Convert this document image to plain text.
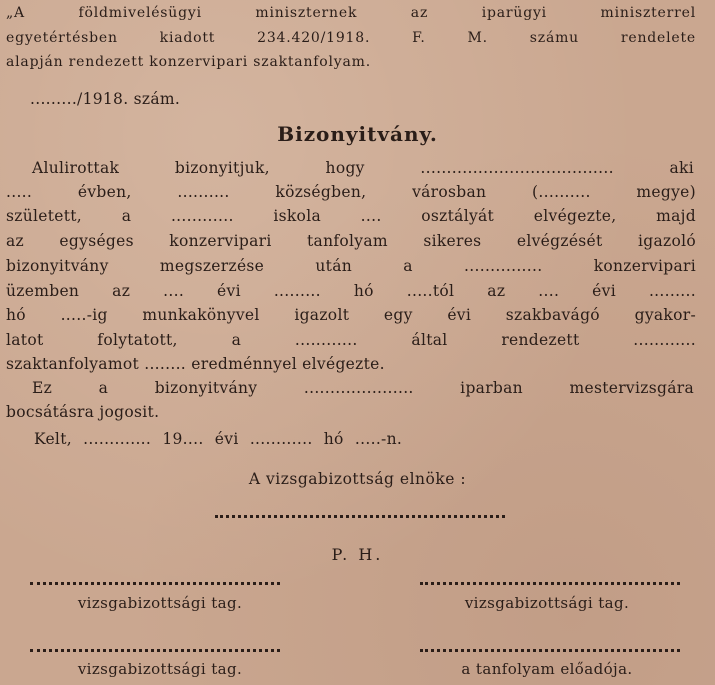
„A földmivelésügyi miniszternek az iparügyi miniszterrel
egyetértésben kiadott 234.420/1918. F. M. számu rendelete
alapján rendezett konzervipari szaktanfolyam.
........./1918. szám.
Bizonyitvány.
Alulirottak bizonyitjuk, hogy ..................................... aki
..... évben, .......... községben, városban (.......... megye)
született, a ............ iskola .... osztályát elvégezte, majd
az egységes konzervipari tanfolyam sikeres elvégzését igazoló
bizonyitvány megszerzése után a ............... konzervipari
üzemben az .... évi ......... hó .....tól az .... évi .........
hó .....-ig munkakönyvel igazolt egy évi szakbavágó gyakor-
latot folytatott, a ............ által rendezett ............
szaktanfolyamot ........ eredménnyel elvégezte.
Ez a bizonyitvány ..................... iparban mestervizsgára
bocsátásra jogosit.
Kelt, ............. 19.... évi ............ hó .....-n.
A vizsgabizottság elnöke :
P. H.
vizsgabizottsági tag.	vizsgabizottsági tag.
vizsgabizottsági tag.	a tanfolyam előadója.
